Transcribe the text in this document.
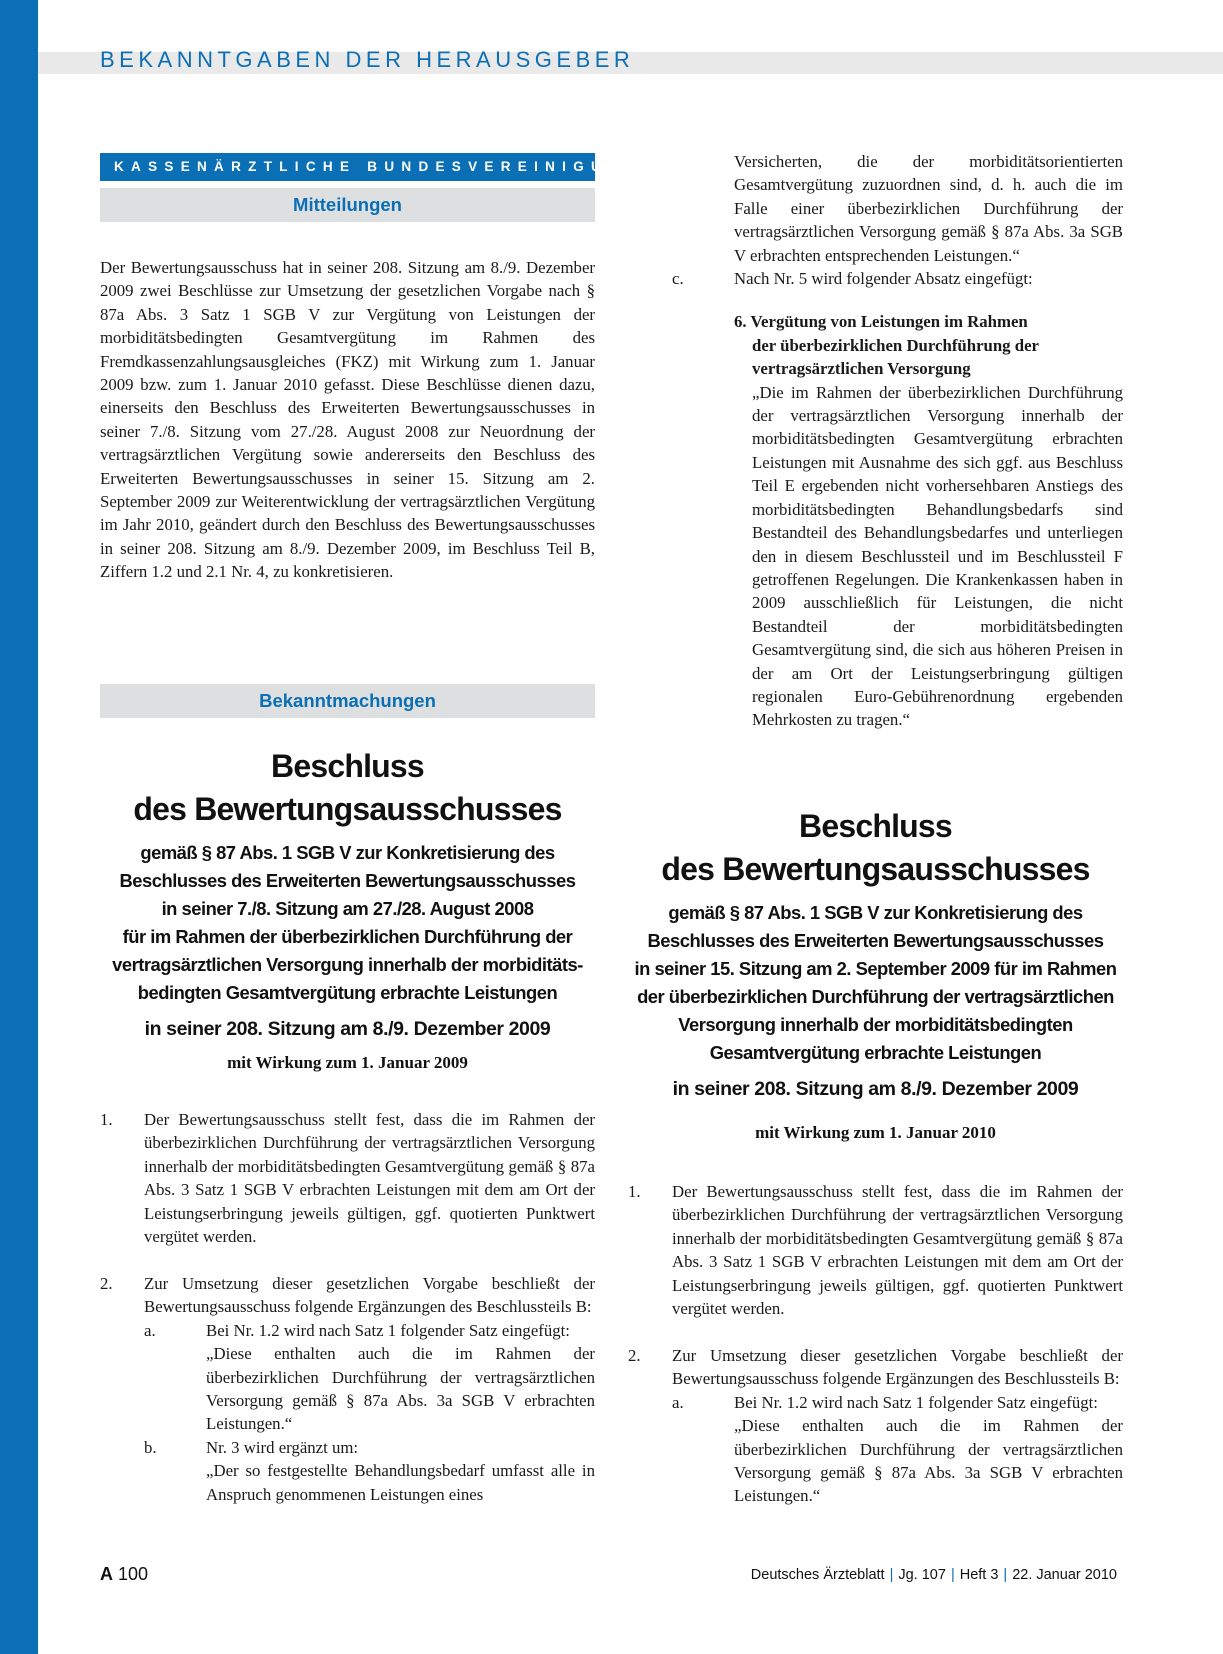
BEKANNTGABEN DER HERAUSGEBER
KASSENÄRZTLICHE BUNDESVEREINIGUNG
Mitteilungen

Der Bewertungsausschuss hat in seiner 208. Sitzung am 8./9. Dezember 2009 zwei Beschlüsse zur Umsetzung der gesetzlichen Vorgabe nach § 87a Abs. 3 Satz 1 SGB V zur Vergütung von Leistungen der morbiditätsbedingten Gesamtvergütung im Rahmen des Fremdkassenzahlungsausgleiches (FKZ) mit Wirkung zum 1. Januar 2009 bzw. zum 1. Januar 2010 gefasst. Diese Beschlüsse dienen dazu, einerseits den Beschluss des Erweiterten Bewertungsausschusses in seiner 7./8. Sitzung vom 27./28. August 2008 zur Neuordnung der vertragsärztlichen Vergütung sowie andererseits den Beschluss des Erweiterten Bewertungsausschusses in seiner 15. Sitzung am 2. September 2009 zur Weiterentwicklung der vertragsärztlichen Vergütung im Jahr 2010, geändert durch den Beschluss des Bewertungsausschusses in seiner 208. Sitzung am 8./9. Dezember 2009, im Beschluss Teil B, Ziffern 1.2 und 2.1 Nr. 4, zu konkretisieren.

Bekanntmachungen
Beschluss
des Bewertungsausschusses
gemäß § 87 Abs. 1 SGB V zur Konkretisierung des
Beschlusses des Erweiterten Bewertungsausschusses
in seiner 7./8. Sitzung am 27./28. August 2008
für im Rahmen der überbezirklichen Durchführung der
vertragsärztlichen Versorgung innerhalb der morbiditäts-
bedingten Gesamtvergütung erbrachte Leistungen
in seiner 208. Sitzung am 8./9. Dezember 2009
mit Wirkung zum 1. Januar 2009
1. Der Bewertungsausschuss stellt fest, dass die im Rahmen der überbezirklichen Durchführung der vertragsärztlichen Versorgung innerhalb der morbiditätsbedingten Gesamtvergütung gemäß § 87a Abs. 3 Satz 1 SGB V erbrachten Leistungen mit dem am Ort der Leistungserbringung jeweils gültigen, ggf. quotierten Punktwert vergütet werden.
2. Zur Umsetzung dieser gesetzlichen Vorgabe beschließt der Bewertungsausschuss folgende Ergänzungen des Beschlussteils B:
a.	Bei Nr. 1.2 wird nach Satz 1 folgender Satz eingefügt:
„Diese enthalten auch die im Rahmen der überbezirklichen Durchführung der vertragsärztlichen Versorgung gemäß § 87a Abs. 3a SGB V erbrachten Leistungen.“
b.	Nr. 3 wird ergänzt um:
„Der so festgestellte Behandlungsbedarf umfasst alle in Anspruch genommenen Leistungen eines
Versicherten, die der morbiditätsorientierten Gesamtvergütung zuzuordnen sind, d. h. auch die im Falle einer überbezirklichen Durchführung der vertragsärztlichen Versorgung gemäß § 87a Abs. 3a SGB V erbrachten entsprechenden Leistungen.“
c.	Nach Nr. 5 wird folgender Absatz eingefügt:
6. Vergütung von Leistungen im Rahmen
der überbezirklichen Durchführung der
vertragsärztlichen Versorgung
„Die im Rahmen der überbezirklichen Durchführung der vertragsärztlichen Versorgung innerhalb der morbiditätsbedingten Gesamtvergütung erbrachten Leistungen mit Ausnahme des sich ggf. aus Beschluss Teil E ergebenden nicht vorhersehbaren Anstiegs des morbiditätsbedingten Behandlungsbedarfs sind Bestandteil des Behandlungsbedarfes und unterliegen den in diesem Beschlussteil und im Beschlussteil F getroffenen Regelungen. Die Krankenkassen haben in 2009 ausschließlich für Leistungen, die nicht Bestandteil der morbiditätsbedingten Gesamtvergütung sind, die sich aus höheren Preisen in der am Ort der Leistungserbringung gültigen regionalen Euro-Gebührenordnung ergebenden Mehrkosten zu tragen.“
Beschluss
des Bewertungsausschusses
gemäß § 87 Abs. 1 SGB V zur Konkretisierung des
Beschlusses des Erweiterten Bewertungsausschusses
in seiner 15. Sitzung am 2. September 2009 für im Rahmen
der überbezirklichen Durchführung der vertragsärztlichen
Versorgung innerhalb der morbiditätsbedingten
Gesamtvergütung erbrachte Leistungen
in seiner 208. Sitzung am 8./9. Dezember 2009
mit Wirkung zum 1. Januar 2010
1. Der Bewertungsausschuss stellt fest, dass die im Rahmen der überbezirklichen Durchführung der vertragsärztlichen Versorgung innerhalb der morbiditätsbedingten Gesamtvergütung gemäß § 87a Abs. 3 Satz 1 SGB V erbrachten Leistungen mit dem am Ort der Leistungserbringung jeweils gültigen, ggf. quotierten Punktwert vergütet werden.
2. Zur Umsetzung dieser gesetzlichen Vorgabe beschließt der Bewertungsausschuss folgende Ergänzungen des Beschlussteils B:
a.	Bei Nr. 1.2 wird nach Satz 1 folgender Satz eingefügt:
„Diese enthalten auch die im Rahmen der überbezirklichen Durchführung der vertragsärztlichen Versorgung gemäß § 87a Abs. 3a SGB V erbrachten Leistungen.“
A 100	Deutsches Ärzteblatt | Jg. 107 | Heft 3 | 22. Januar 2010
